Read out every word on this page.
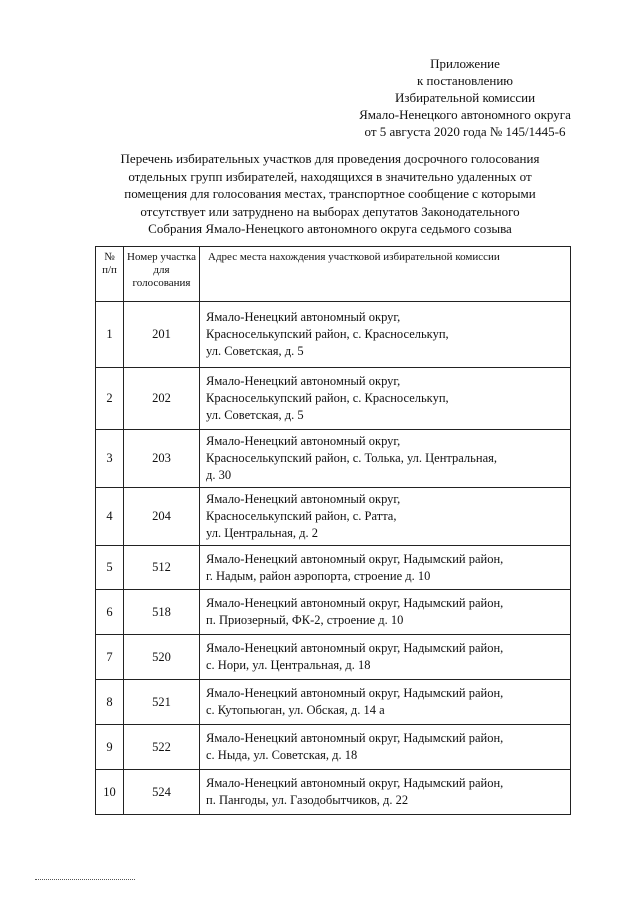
Приложение
к постановлению
Избирательной комиссии
Ямало-Ненецкого автономного округа
от 5 августа 2020 года № 145/1445-6
Перечень избирательных участков для проведения досрочного голосования
отдельных групп избирателей, находящихся в значительно удаленных от
помещения для голосования местах, транспортное сообщение с которыми
отсутствует или затруднено на выборах депутатов Законодательного
Собрания Ямало-Ненецкого автономного округа седьмого созыва
№ п/п	Номер участка для голосования	Адрес места нахождения участковой избирательной комиссии
1	201	Ямало-Ненецкий автономный округ,
Красноселькупский район, с. Красноселькуп,
ул. Советская, д. 5

2	202	Ямало-Ненецкий автономный округ,
Красноселькупский район, с. Красноселькуп,
ул. Советская, д. 5

3	203	Ямало-Ненецкий автономный округ,
Красноселькупский район, с. Толька, ул. Центральная,
д. 30

4	204	Ямало-Ненецкий автономный округ,
Красноселькупский район, с. Ратта,
ул. Центральная, д. 2

5	512	Ямало-Ненецкий автономный округ, Надымский район,
г. Надым, район аэропорта, строение д. 10

6	518	Ямало-Ненецкий автономный округ, Надымский район,
п. Приозерный, ФК-2, строение д. 10

7	520	Ямало-Ненецкий автономный округ, Надымский район,
с. Нори, ул. Центральная, д. 18

8	521	Ямало-Ненецкий автономный округ, Надымский район,
с. Кутопьюган, ул. Обская, д. 14 а

9	522	Ямало-Ненецкий автономный округ, Надымский район,
с. Ныда, ул. Советская, д. 18

10	524	Ямало-Ненецкий автономный округ, Надымский район,
п. Пангоды, ул. Газодобытчиков, д. 22
